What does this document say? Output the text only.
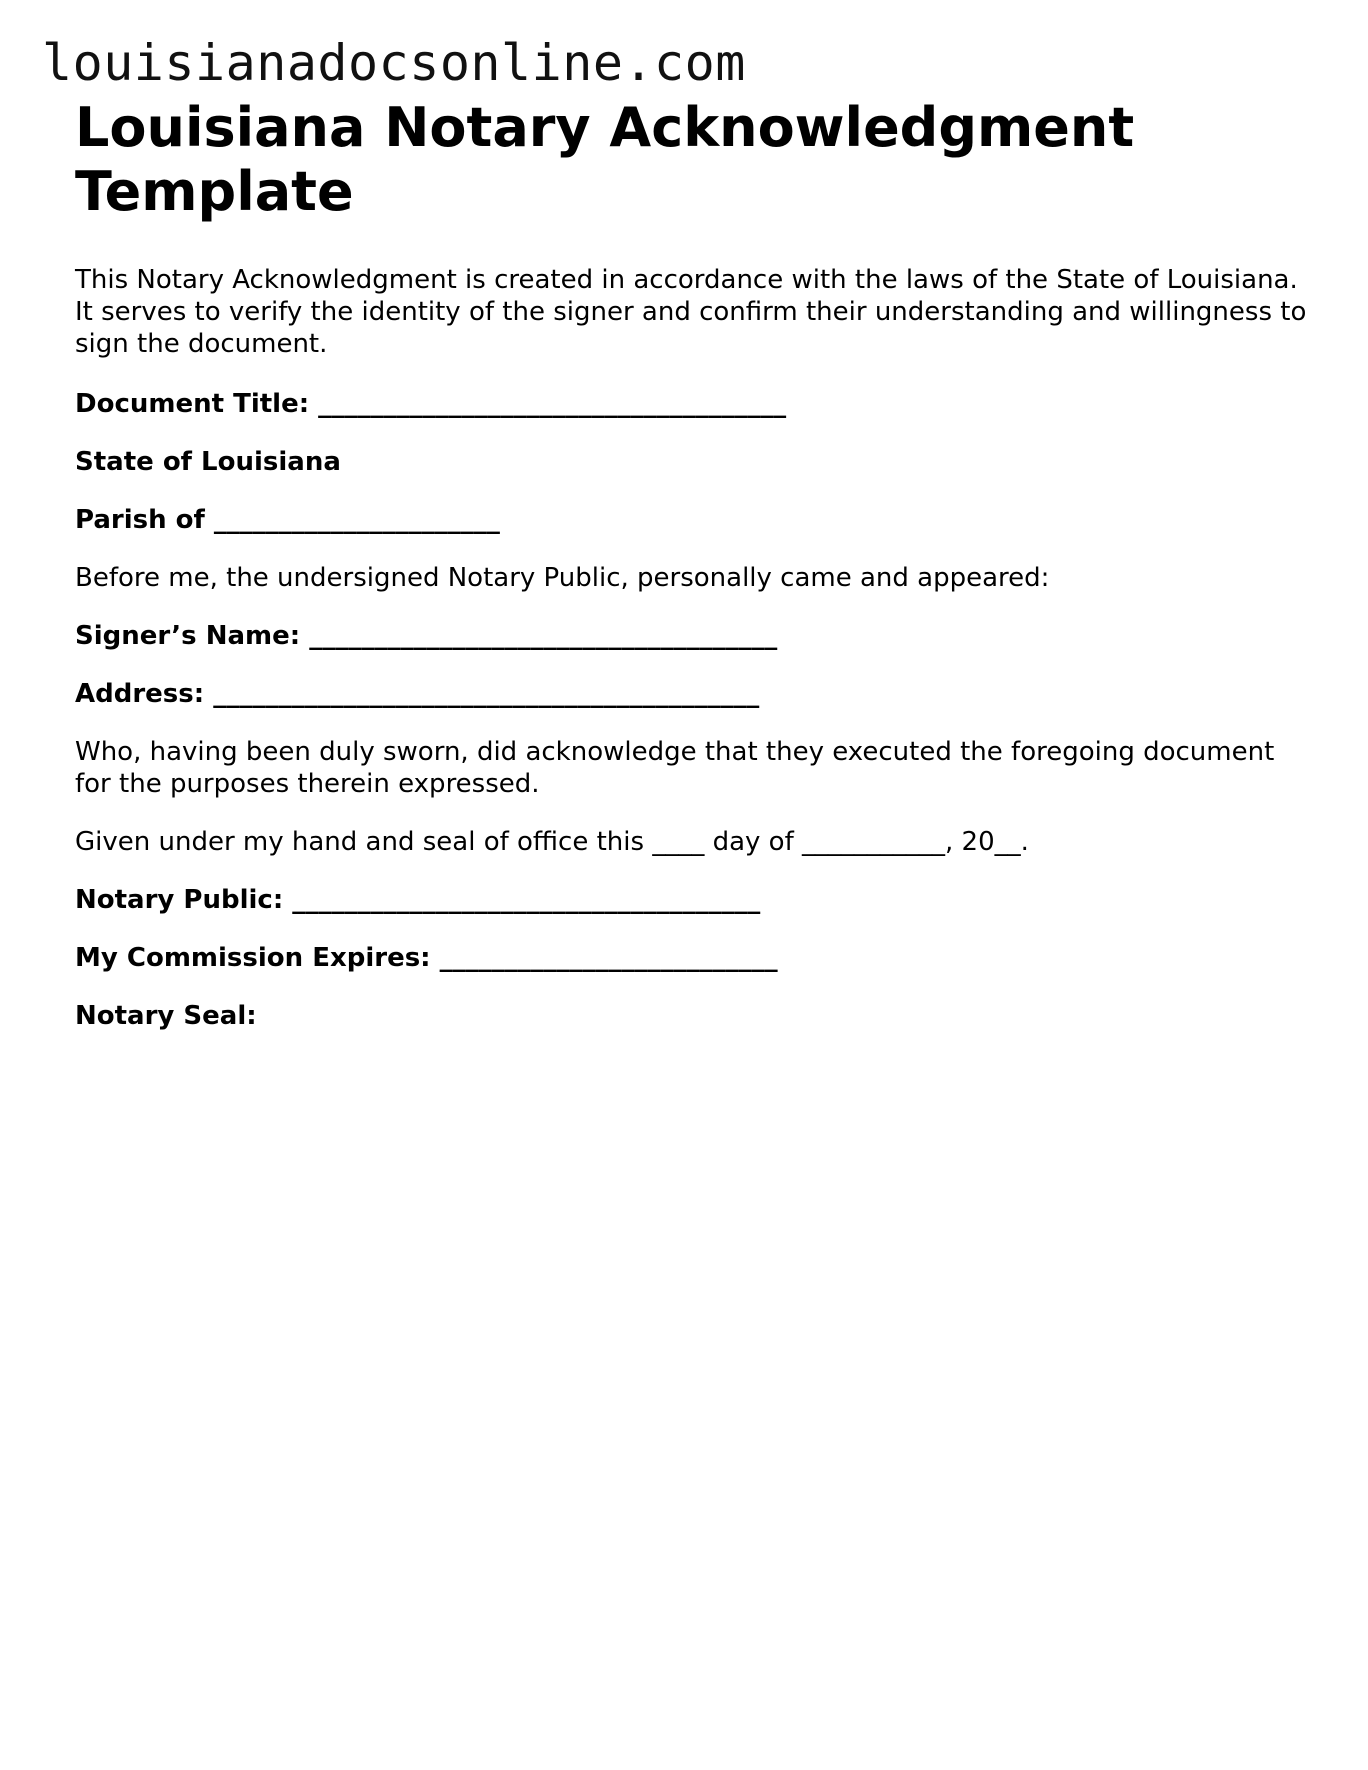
louisianadocsonline.com
Louisiana Notary Acknowledgment Template

This Notary Acknowledgment is created in accordance with the laws of the State of Louisiana. It serves to verify the identity of the signer and confirm their understanding and willingness to sign the document.

Document Title: ____________________________________

State of Louisiana

Parish of ______________________

Before me, the undersigned Notary Public, personally came and appeared:

Signer’s Name: ____________________________________

Address: __________________________________________

Who, having been duly sworn, did acknowledge that they executed the foregoing document for the purposes therein expressed.

Given under my hand and seal of office this ____ day of ___________, 20__.

Notary Public: ____________________________________

My Commission Expires: __________________________

Notary Seal:
